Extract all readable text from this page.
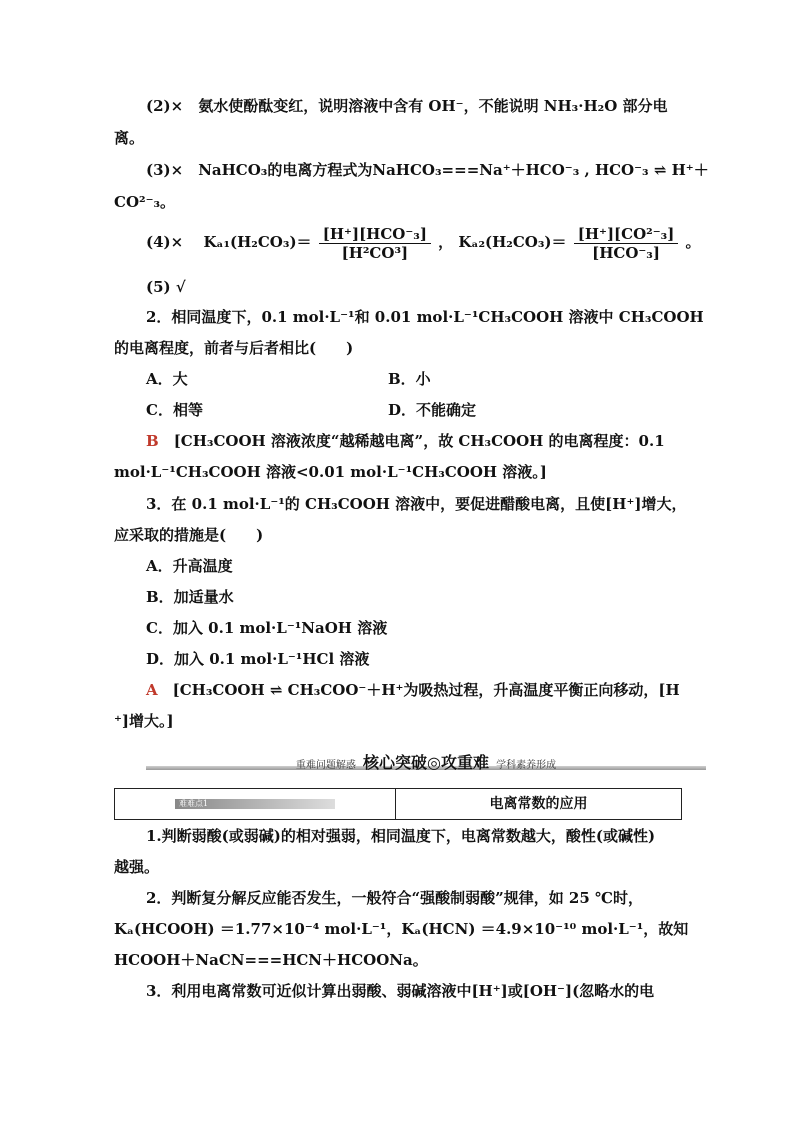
(2)×　氨水使酚酞变红，说明溶液中含有 OH⁻，不能说明 NH₃·H₂O 部分电
离。
(3)×　NaHCO₃的电离方程式为NaHCO₃===Na⁺＋HCO⁻₃ , HCO⁻₃ ⇌ H⁺＋
CO²⁻₃。
(4)×　 $K_{a1}(H_2CO_3)= \frac{\text{[H⁺][HCO⁻₃]}}{\text{[H²CO³]}}$ ， $K_{a2}(H_2CO_3)= \frac{\text{[H⁺][CO²⁻₃]}}{\text{[HCO⁻₃]}}$ 。
(5) √
2．相同温度下，0.1 mol·L⁻¹和 0.01 mol·L⁻¹CH₃COOH 溶液中 CH₃COOH
的电离程度，前者与后者相比(　　)
A．大	B．小
C．相等	D．不能确定
B　[CH₃COOH 溶液浓度“越稀越电离”，故 CH₃COOH 的电离程度：0.1
mol·L⁻¹CH₃COOH 溶液<0.01 mol·L⁻¹CH₃COOH 溶液。]
3．在 0.1 mol·L⁻¹的 CH₃COOH 溶液中，要促进醋酸电离，且使[H⁺]增大，
应采取的措施是(　　)
A．升高温度
B．加适量水
C．加入 0.1 mol·L⁻¹NaOH 溶液
D．加入 0.1 mol·L⁻¹HCl 溶液
A　[CH₃COOH ⇌ CH₃COO⁻＋H⁺为吸热过程，升高温度平衡正向移动，[H
⁺]增大。]
重难问题解惑 核心突破◎攻重难 学科素养形成
难难点1	电离常数的应用
1.判断弱酸(或弱碱)的相对强弱，相同温度下，电离常数越大，酸性(或碱性)
越强。
2．判断复分解反应能否发生，一般符合“强酸制弱酸”规律，如 25 ℃时，
Kₐ(HCOOH) ＝1.77×10⁻⁴ mol·L⁻¹，Kₐ(HCN) ＝4.9×10⁻¹⁰ mol·L⁻¹，故知
HCOOH＋NaCN===HCN＋HCOONa。
3．利用电离常数可近似计算出弱酸、弱碱溶液中[H⁺]或[OH⁻](忽略水的电
